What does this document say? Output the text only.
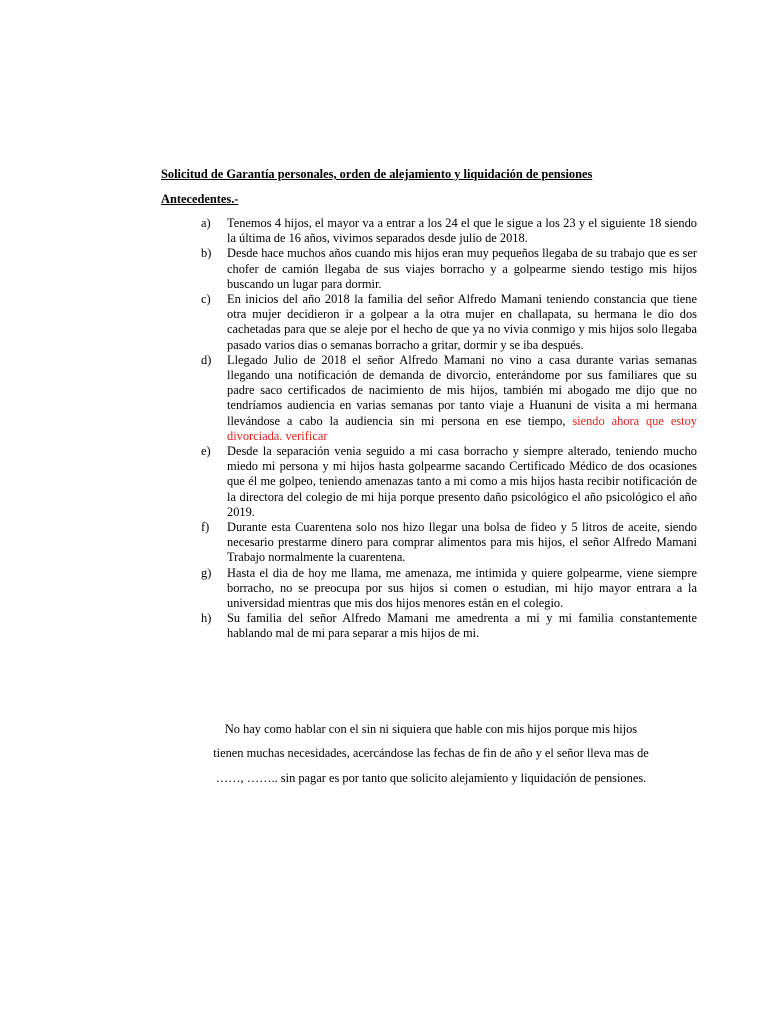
Solicitud de Garantía personales, orden de alejamiento y liquidación de pensiones
Antecedentes.-
a) Tenemos 4 hijos, el mayor va a entrar a los 24 el que le sigue a los 23 y el siguiente 18 siendo la última de 16 años, vivimos separados desde julio de 2018.
b) Desde hace muchos años cuando mis hijos eran muy pequeños llegaba de su trabajo que es ser chofer de camión llegaba de sus viajes borracho y a golpearme siendo testigo mis hijos buscando un lugar para dormir.
c) En inicios del año 2018 la familia del señor Alfredo Mamani teniendo constancia que tiene otra mujer decidieron ir a golpear a la otra mujer en challapata, su hermana le dio dos cachetadas para que se aleje por el hecho de que ya no vivia conmigo y mis hijos solo llegaba pasado varios dias o semanas borracho a gritar, dormir y se iba después.
d) Llegado Julio de 2018 el señor Alfredo Mamani no vino a casa durante varias semanas llegando una notificación de demanda de divorcio, enterándome por sus familiares que su padre saco certificados de nacimiento de mis hijos, también mi abogado me dijo que no tendríamos audiencia en varias semanas por tanto viaje a Huanuni de visita a mi hermana llevándose a cabo la audiencia sin mi persona en ese tiempo, siendo ahora que estoy divorciada. verificar
e) Desde la separación venia seguido a mi casa borracho y siempre alterado, teniendo mucho miedo mi persona y mi hijos hasta golpearme sacando Certificado Médico de dos ocasiones que él me golpeo, teniendo amenazas tanto a mi como a mis hijos hasta recibir notificación de la directora del colegio de mi hija porque presento daño psicológico el año psicológico el año 2019.
f) Durante esta Cuarentena solo nos hizo llegar una bolsa de fideo y 5 litros de aceite, siendo necesario prestarme dinero para comprar alimentos para mis hijos, el señor Alfredo Mamani Trabajo normalmente la cuarentena.
g) Hasta el dia de hoy me llama, me amenaza, me intimida y quiere golpearme, viene siempre borracho, no se preocupa por sus hijos si comen o estudian, mi hijo mayor entrara a la universidad mientras que mis dos hijos menores están en el colegio.
h) Su familia del señor Alfredo Mamani me amedrenta a mi y mi familia constantemente hablando mal de mi para separar a mis hijos de mi.
No hay como hablar con el sin ni siquiera que hable con mis hijos porque mis hijos
tienen muchas necesidades, acercándose las fechas de fin de año y el señor lleva mas de
……, …….. sin pagar es por tanto que solicito alejamiento y liquidación de pensiones.
